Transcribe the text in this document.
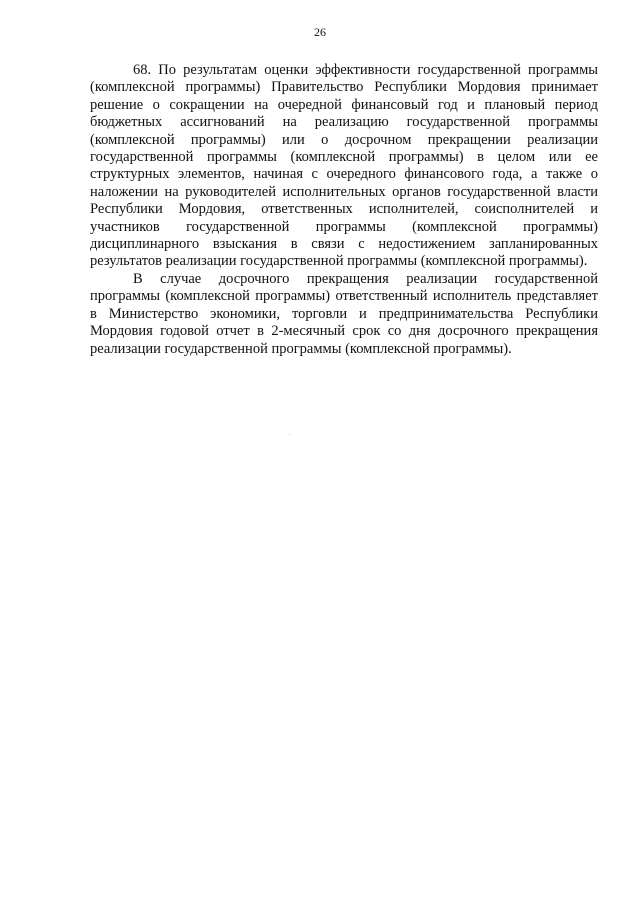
26

68. По результатам оценки эффективности государственной программы (комплексной программы) Правительство Республики Мордовия принимает решение о сокращении на очередной финансовый год и плановый период бюджетных ассигнований на реализацию государственной программы (комплексной программы) или о досрочном прекращении реализации государственной программы (комплексной программы) в целом или ее структурных элементов, начиная с очередного финансового года, а также о наложении на руководителей исполнительных органов государственной власти Республики Мордовия, ответственных исполнителей, соисполнителей и участников государственной программы (комплексной программы) дисциплинарного взыскания в связи с недостижением запланированных результатов реализации государственной программы (комплексной программы).

В случае досрочного прекращения реализации государственной программы (комплексной программы) ответственный исполнитель представляет в Министерство экономики, торговли и предпринимательства Республики Мордовия годовой отчет в 2-месячный срок со дня досрочного прекращения реализации государственной программы (комплексной программы).
